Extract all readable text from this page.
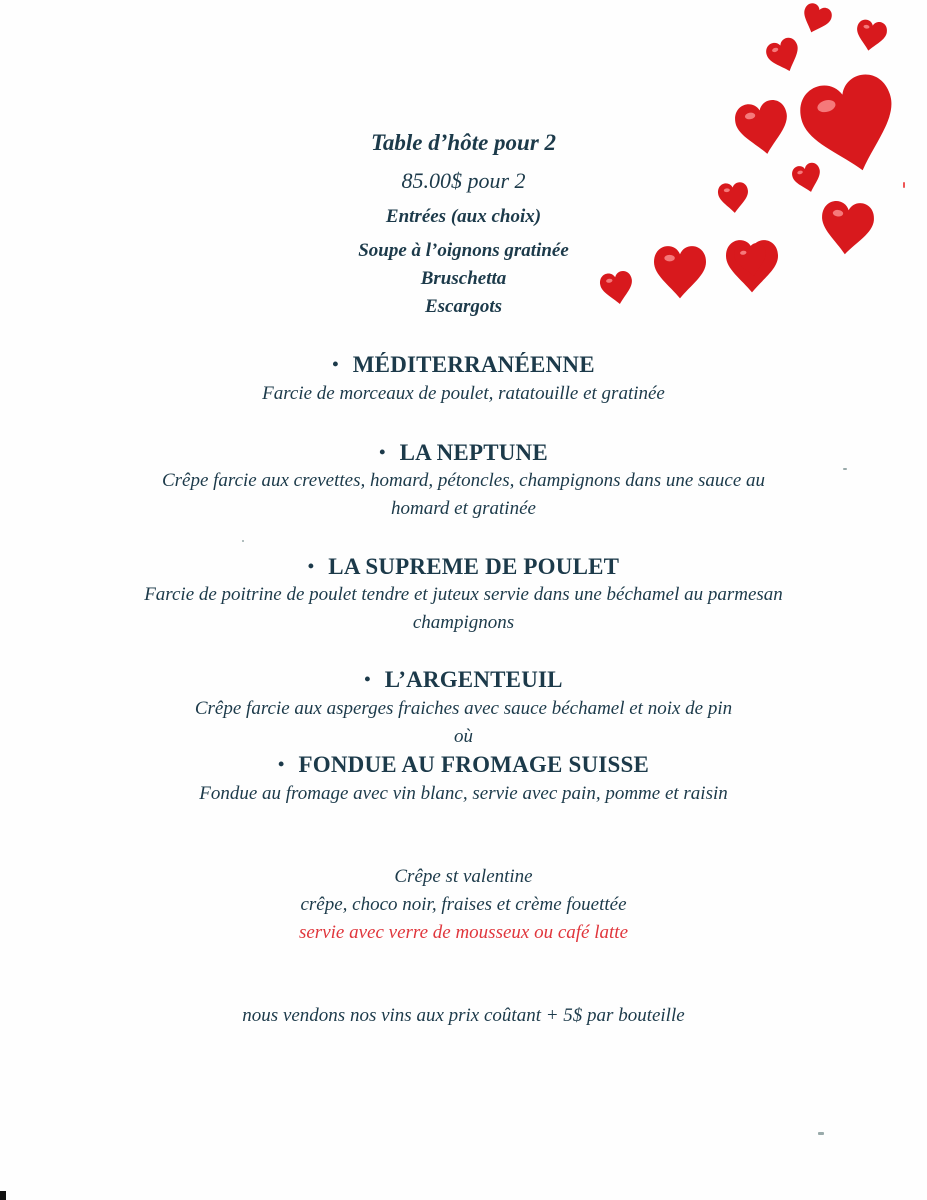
Table d’hôte pour 2

85.00$ pour 2

Entrées (aux choix)

Soupe à l’oignons gratinée

Bruschetta

Escargots

• MÉDITERRANÉENNE

Farcie de morceaux de poulet, ratatouille et gratinée

• LA NEPTUNE

Crêpe farcie aux crevettes, homard, pétoncles, champignons dans une sauce au

homard et gratinée

• LA SUPREME DE POULET

Farcie de poitrine de poulet tendre et juteux servie dans une béchamel au parmesan

champignons

• L’ARGENTEUIL

Crêpe farcie aux asperges fraiches avec sauce béchamel et noix de pin

où

• FONDUE AU FROMAGE SUISSE

Fondue au fromage avec vin blanc, servie avec pain, pomme et raisin

Crêpe st valentine

crêpe, choco noir, fraises et crème fouettée

servie avec verre de mousseux ou café latte

nous vendons nos vins aux prix coûtant + 5$ par bouteille
